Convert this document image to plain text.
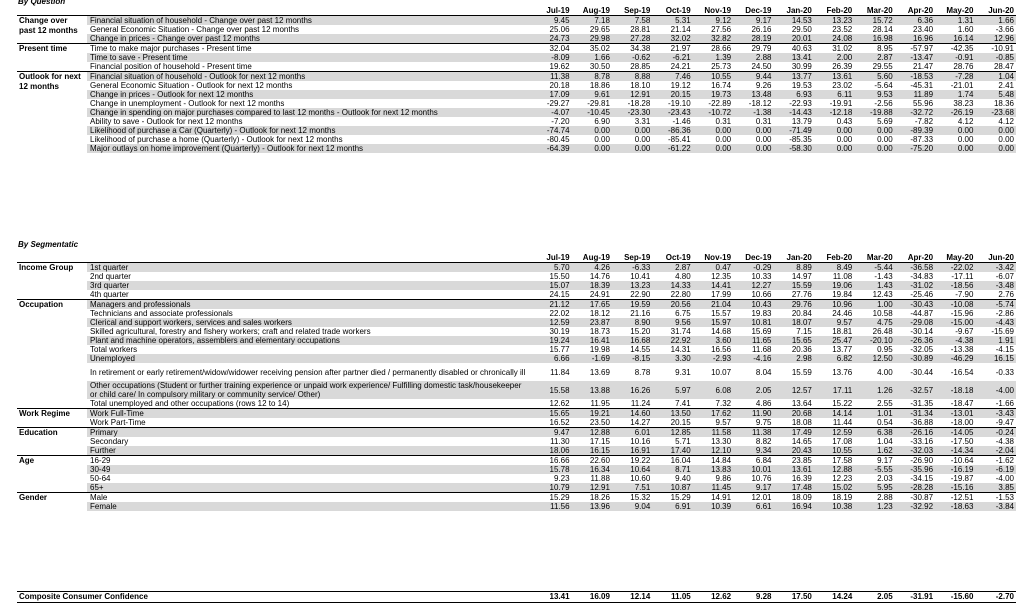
By Question
		Jul-19	Aug-19	Sep-19	Oct-19	Nov-19	Dec-19	Jan-20	Feb-20	Mar-20	Apr-20	May-20	Jun-20
Change over past 12 months	Financial situation of household - Change over past 12 months	9.45	7.18	7.58	5.31	9.12	9.17	14.53	13.23	15.72	6.36	1.31	1.66
	General Economic Situation - Change over past 12 months	25.06	29.65	28.81	21.14	27.56	26.16	29.50	23.52	28.14	23.40	1.60	-3.66
	Change in prices - Change over past 12 months	24.73	29.98	27.28	32.02	32.82	28.19	20.01	24.08	16.98	16.96	16.14	12.96
Present time	Time to make major purchases - Present time	32.04	35.02	34.38	21.97	28.66	29.79	40.63	31.02	8.95	-57.97	-42.35	-10.91
	Time to save - Present time	-8.09	1.66	-0.62	-6.21	1.39	2.88	13.41	2.00	2.87	-13.47	-0.91	-0.85
	Financial position of household - Present time	19.62	30.50	28.85	24.21	25.73	24.50	30.99	26.39	29.55	21.47	28.76	28.47
Outlook for next 12 months	Financial situation of household - Outlook for next 12 months	11.38	8.78	8.88	7.46	10.55	9.44	13.77	13.61	5.60	-18.53	-7.28	1.04
	General Economic Situation - Outlook for next 12 months	20.18	18.86	18.10	19.12	16.74	9.26	19.53	23.02	-5.64	-45.31	-21.01	2.41
	Change in prices - Outlook for next 12 months	17.09	9.61	12.91	20.15	19.73	13.48	6.93	6.11	9.53	11.89	1.74	5.48
	Change in unemployment - Outlook for next 12 months	-29.27	-29.81	-18.28	-19.10	-22.89	-18.12	-22.93	-19.91	-2.56	55.96	38.23	18.36
	Change in spending on major purchases compared to last 12 months - Outlook for next 12 months	-4.07	-10.45	-23.30	-23.43	-10.72	-1.38	-14.43	-12.18	-19.88	-32.72	-26.19	-23.68
	Ability to save - Outlook for next 12 months	-7.20	6.90	3.31	-1.46	0.31	0.31	13.79	0.43	5.69	-7.82	4.12	4.12
	Likelihood of purchase a Car (Quarterly) - Outlook for next 12 months	-74.74	0.00	0.00	-86.36	0.00	0.00	-71.49	0.00	0.00	-89.39	0.00	0.00
	Likelihood of purchase a home (Quarterly) - Outlook for next 12 months	-80.45	0.00	0.00	-85.41	0.00	0.00	-85.35	0.00	0.00	-87.33	0.00	0.00
	Major outlays on home improvement (Quarterly) - Outlook for next 12 months	-64.39	0.00	0.00	-61.22	0.00	0.00	-58.30	0.00	0.00	-75.20	0.00	0.00
By Segmentatic
		Jul-19	Aug-19	Sep-19	Oct-19	Nov-19	Dec-19	Jan-20	Feb-20	Mar-20	Apr-20	May-20	Jun-20
Income Group	1st quarter	5.70	4.26	-6.33	2.87	0.47	-0.29	8.89	8.49	-5.44	-36.58	-22.02	-3.42
	2nd quarter	15.50	14.76	10.41	4.80	12.35	10.33	14.97	11.08	-1.43	-34.83	-17.11	-6.07
	3rd quarter	15.07	18.39	13.23	14.33	14.41	12.27	15.59	19.06	1.43	-31.02	-18.56	-3.48
	4th quarter	24.15	24.91	22.90	22.80	17.99	10.66	27.76	19.84	12.43	-25.46	-7.90	2.76
Occupation	Managers and professionals	21.12	17.65	19.59	20.56	21.04	10.43	29.76	10.96	1.00	-30.43	-10.08	-5.74
	Technicians and associate professionals	22.02	18.12	21.16	6.75	15.57	19.83	20.84	24.46	10.58	-44.87	-15.96	-2.86
	Clerical and support workers, services and sales workers	12.59	23.87	8.90	9.56	15.97	10.81	18.07	9.57	4.75	-29.08	-15.00	-4.43
	Skilled agricultural, forestry and fishery workers; craft and related trade workers	30.19	18.73	15.20	31.74	14.68	15.69	7.15	18.81	26.48	-30.14	-9.67	-15.69
	Plant and machine operators, assemblers and elementary occupations	19.24	16.41	16.68	22.92	3.60	11.65	15.65	25.47	-20.10	-26.36	-4.38	1.91
	Total workers	15.77	19.98	14.55	14.31	16.56	11.68	20.36	13.77	0.95	-32.05	-13.38	-4.15
	Unemployed	6.66	-1.69	-8.15	3.30	-2.93	-4.16	2.98	6.82	12.50	-30.89	-46.29	16.15
	In retirement or early retirement/widow/widower receiving pension after partner died / permanently disabled or chronically ill	11.84	13.69	8.78	9.31	10.07	8.04	15.59	13.76	4.00	-30.44	-16.54	-0.33
	Other occupations (Student or further training experience or unpaid work experience/ Fulfilling domestic task/housekeeper or child care/ In compulsory military or community service/ Other)	15.58	13.88	16.26	5.97	6.08	2.05	12.57	17.11	1.26	-32.57	-18.18	-4.00
	Total unemployed and other occupations (rows 12 to 14)	12.62	11.95	11.24	7.41	7.32	4.86	13.64	15.22	2.55	-31.35	-18.47	-1.66
Work Regime	Work Full-Time	15.65	19.21	14.60	13.50	17.62	11.90	20.68	14.14	1.01	-31.34	-13.01	-3.43
	Work Part-Time	16.52	23.50	14.27	20.15	9.57	9.75	18.08	11.44	0.54	-36.88	-18.00	-9.47
Education	Primary	9.47	12.88	6.01	12.85	11.58	11.38	17.49	12.59	6.38	-26.16	-14.05	-0.24
	Secondary	11.30	17.15	10.16	5.71	13.30	8.82	14.65	17.08	1.04	-33.16	-17.50	-4.38
	Further	18.06	16.15	16.91	17.40	12.10	9.34	20.43	10.55	1.62	-32.03	-14.34	-2.04
Age	16-29	16.66	22.60	19.22	16.04	14.84	6.84	23.85	17.58	9.17	-26.90	-10.64	-1.62
	30-49	15.78	16.34	10.64	8.71	13.83	10.01	13.61	12.88	-5.55	-35.96	-16.19	-6.19
	50-64	9.23	11.88	10.60	9.40	9.86	10.76	16.39	12.23	2.03	-34.15	-19.87	-4.00
	65+	10.79	12.91	7.51	10.87	11.45	9.17	17.48	15.02	5.95	-28.28	-15.16	3.85
Gender	Male	15.29	18.26	15.32	15.29	14.91	12.01	18.09	18.19	2.88	-30.87	-12.51	-1.53
	Female	11.56	13.96	9.04	6.91	10.39	6.61	16.94	10.38	1.23	-32.92	-18.63	-3.84
Composite Consumer Confidence	13.41	16.09	12.14	11.05	12.62	9.28	17.50	14.24	2.05	-31.91	-15.60	-2.70
